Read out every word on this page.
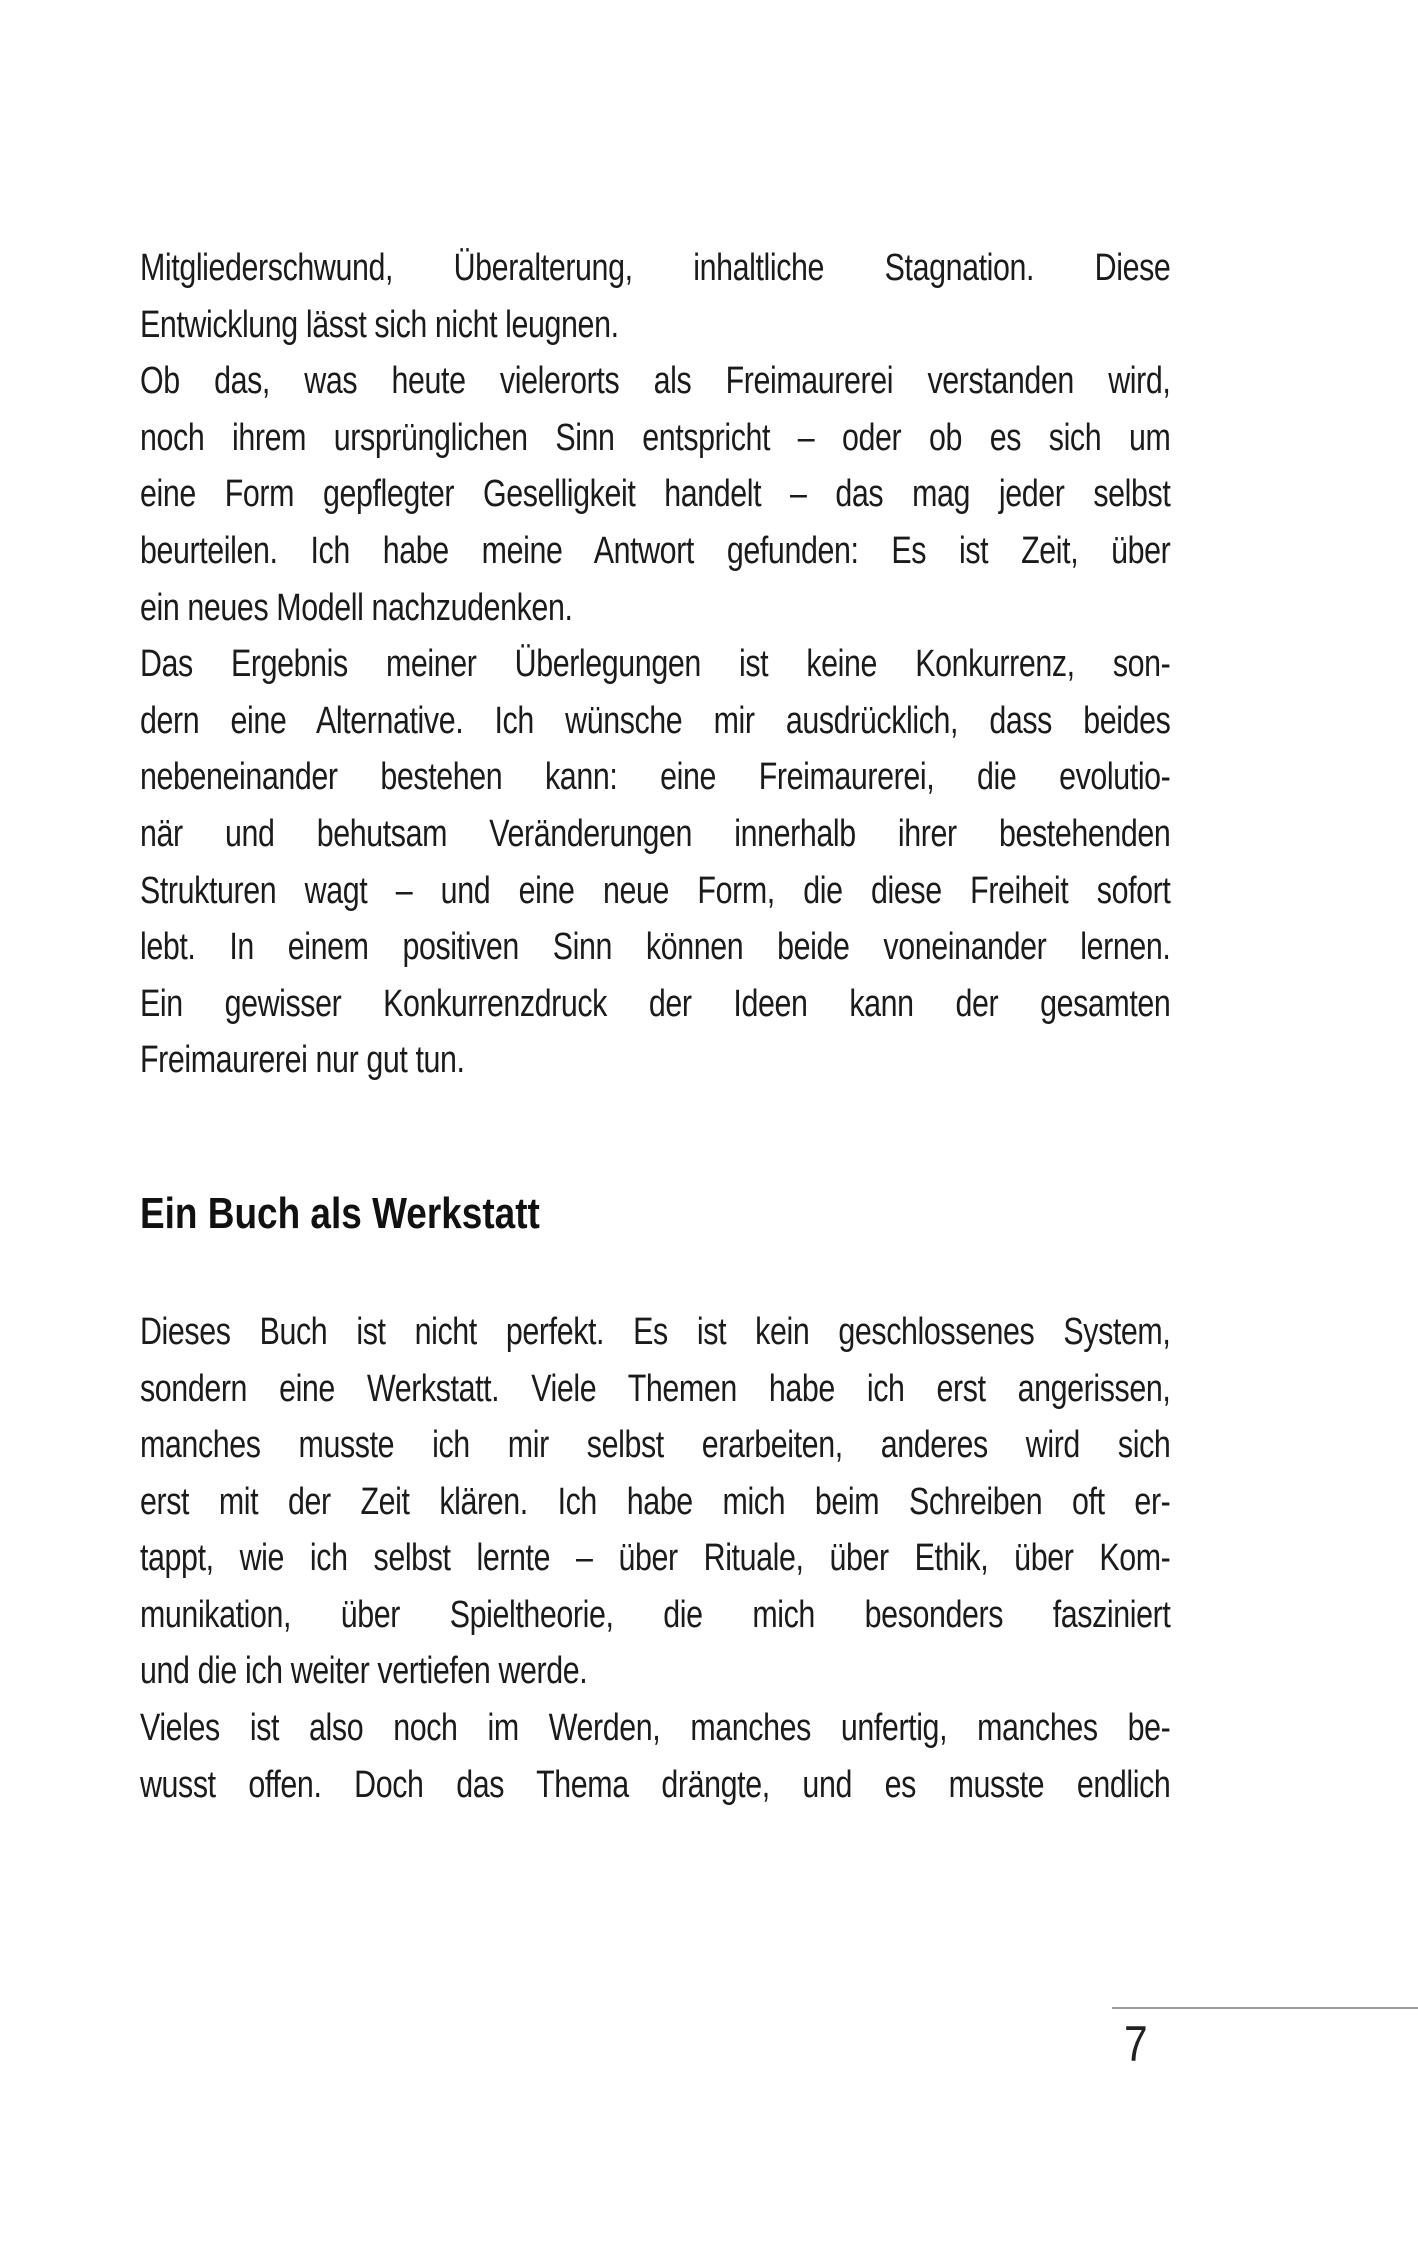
Mitgliederschwund, Überalterung, inhaltliche Stagnation. Diese
Entwicklung lässt sich nicht leugnen.
Ob das, was heute vielerorts als Freimaurerei verstanden wird,
noch ihrem ursprünglichen Sinn entspricht – oder ob es sich um
eine Form gepflegter Geselligkeit handelt – das mag jeder selbst
beurteilen. Ich habe meine Antwort gefunden: Es ist Zeit, über
ein neues Modell nachzudenken.
Das Ergebnis meiner Überlegungen ist keine Konkurrenz, son-
dern eine Alternative. Ich wünsche mir ausdrücklich, dass beides
nebeneinander bestehen kann: eine Freimaurerei, die evolutio-
när und behutsam Veränderungen innerhalb ihrer bestehenden
Strukturen wagt – und eine neue Form, die diese Freiheit sofort
lebt. In einem positiven Sinn können beide voneinander lernen.
Ein gewisser Konkurrenzdruck der Ideen kann der gesamten
Freimaurerei nur gut tun.
Ein Buch als Werkstatt
Dieses Buch ist nicht perfekt. Es ist kein geschlossenes System,
sondern eine Werkstatt. Viele Themen habe ich erst angerissen,
manches musste ich mir selbst erarbeiten, anderes wird sich
erst mit der Zeit klären. Ich habe mich beim Schreiben oft er-
tappt, wie ich selbst lernte – über Rituale, über Ethik, über Kom-
munikation, über Spieltheorie, die mich besonders fasziniert
und die ich weiter vertiefen werde.
Vieles ist also noch im Werden, manches unfertig, manches be-
wusst offen. Doch das Thema drängte, und es musste endlich
7
